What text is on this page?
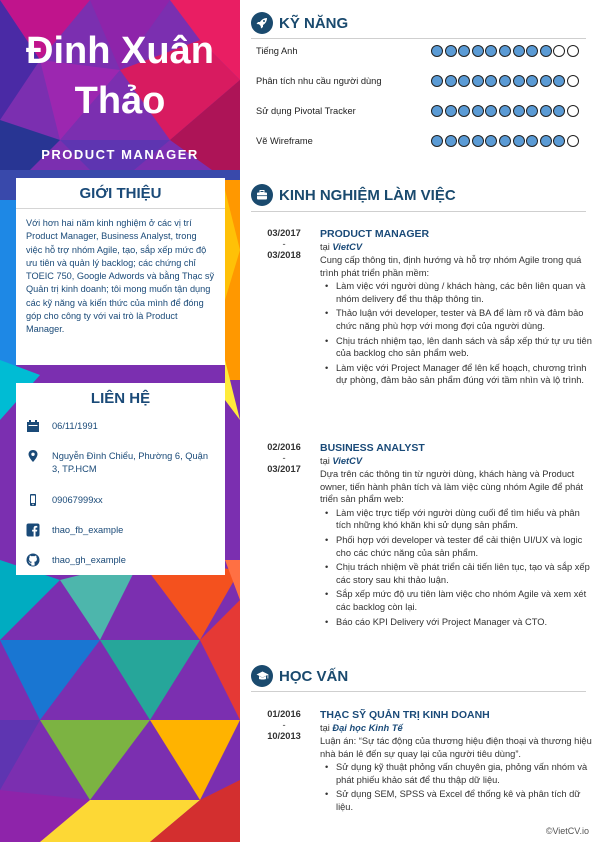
Đinh Xuân
Thảo
PRODUCT MANAGER
GIỚI THIỆU
Với hơn hai năm kinh nghiệm ở các vị trí Product Manager, Business Analyst, trong việc hỗ trợ nhóm Agile, tạo, sắp xếp mức độ ưu tiên và quản lý backlog; các chứng chỉ TOEIC 750, Google Adwords và bằng Thạc sỹ Quản trị kinh doanh; tôi mong muốn tận dụng các kỹ năng và kiến thức của mình để đóng góp cho công ty với vai trò là Product Manager.
LIÊN HỆ
06/11/1991
Nguyễn Đình Chiểu, Phường 6, Quận 3, TP.HCM
09067999xx
thao_fb_example
thao_gh_example
KỸ NĂNG
Tiếng Anh
Phân tích nhu cầu người dùng
Sử dụng Pivotal Tracker
Vẽ Wireframe
KINH NGHIỆM LÀM VIỆC
03/2017
-
03/2018
PRODUCT MANAGER
tại VietCV
Cung cấp thông tin, định hướng và hỗ trợ nhóm Agile trong quá trình phát triển phần mềm:
• Làm việc với người dùng / khách hàng, các bên liên quan và nhóm delivery để thu thập thông tin.
• Thảo luận với developer, tester và BA để làm rõ và đảm bảo chức năng phù hợp với mong đợi của người dùng.
• Chịu trách nhiệm tạo, lên danh sách và sắp xếp thứ tự ưu tiên của backlog cho sản phẩm web.
• Làm việc với Project Manager để lên kế hoạch, chương trình dự phòng, đảm bảo sản phẩm đúng với tầm nhìn và lộ trình.
02/2016
-
03/2017
BUSINESS ANALYST
tại VietCV
Dựa trên các thông tin từ người dùng, khách hàng và Product owner, tiến hành phân tích và làm việc cùng nhóm Agile để phát triển sản phẩm web:
• Làm việc trực tiếp với người dùng cuối để tìm hiểu và phân tích những khó khăn khi sử dụng sản phẩm.
• Phối hợp với developer và tester để cải thiện UI/UX và logic cho các chức năng của sản phẩm.
• Chịu trách nhiệm về phát triển cải tiến liên tục, tạo và sắp xếp các story sau khi thảo luận.
• Sắp xếp mức độ ưu tiên làm việc cho nhóm Agile và xem xét các backlog còn lại.
• Báo cáo KPI Delivery với Project Manager và CTO.
HỌC VẤN
01/2016
-
10/2013
THẠC SỸ QUẢN TRỊ KINH DOANH
tại Đại học Kinh Tế
Luận án: “Sự tác động của thương hiệu điện thoại và thương hiệu nhà bán lẻ đến sự quay lại của người tiêu dùng”.
• Sử dụng kỹ thuật phỏng vấn chuyên gia, phỏng vấn nhóm và phát phiếu khảo sát để thu thập dữ liệu.
• Sử dụng SEM, SPSS và Excel để thống kê và phân tích dữ liệu.
©VietCV.io
